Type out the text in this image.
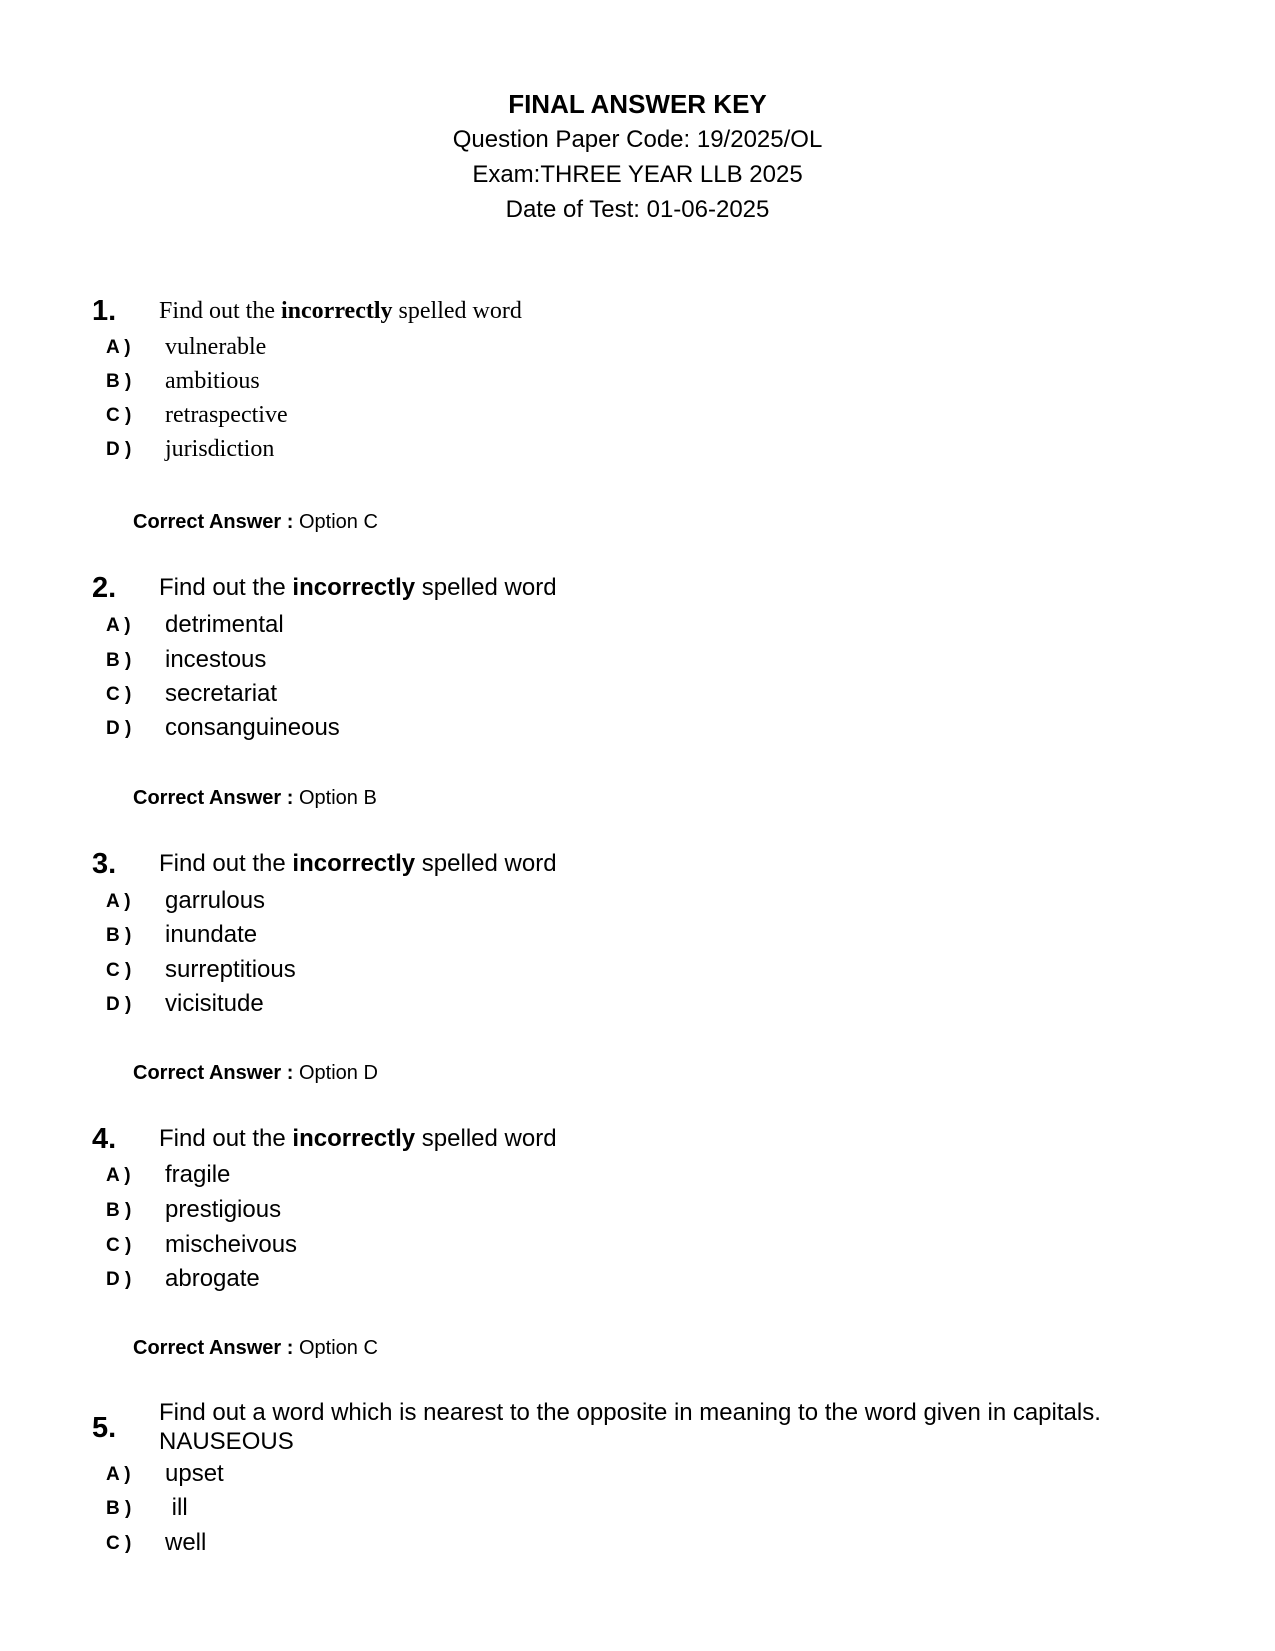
FINAL ANSWER KEY
Question Paper Code: 19/2025/OL
Exam:THREE YEAR LLB 2025
Date of Test: 01-06-2025
1. Find out the incorrectly spelled word
A ) vulnerable
B ) ambitious
C ) retraspective
D ) jurisdiction
Correct Answer : Option C
2. Find out the incorrectly spelled word
A ) detrimental
B ) incestous
C ) secretariat
D ) consanguineous
Correct Answer : Option B
3. Find out the incorrectly spelled word
A ) garrulous
B ) inundate
C ) surreptitious
D ) vicisitude
Correct Answer : Option D
4. Find out the incorrectly spelled word
A ) fragile
B ) prestigious
C ) mischeivous
D ) abrogate
Correct Answer : Option C
5. Find out a word which is nearest to the opposite in meaning to the word given in capitals.
NAUSEOUS
A ) upset
B ) ill
C ) well
